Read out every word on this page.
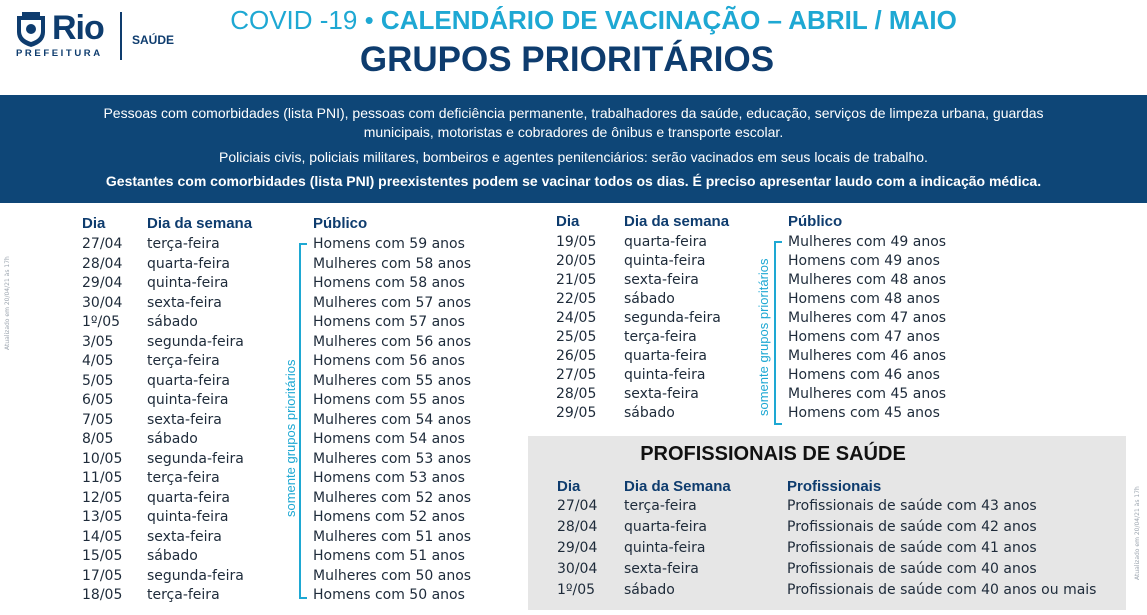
Rio
PREFEITURA
SAÚDE
COVID -19 • CALENDÁRIO DE VACINAÇÃO – ABRIL / MAIO
GRUPOS PRIORITÁRIOS

Pessoas com comorbidades (lista PNI), pessoas com deficiência permanente, trabalhadores da saúde, educação, serviços de limpeza urbana, guardas municipais, motoristas e cobradores de ônibus e transporte escolar.

Policiais civis, policiais militares, bombeiros e agentes penitenciários: serão vacinados em seus locais de trabalho.

Gestantes com comorbidades (lista PNI) preexistentes podem se vacinar todos os dias. É preciso apresentar laudo com a indicação médica.

Atualizado em 20/04/21 às 17h
Atualizado em 20/04/21 às 17h
Dia	Dia da semana	Público
27/04 terça-feira	Homens com 59 anos
28/04 quarta-feira	Mulheres com 58 anos
29/04 quinta-feira	Homens com 58 anos
30/04 sexta-feira	Mulheres com 57 anos
1º/05 sábado	Homens com 57 anos
3/05 segunda-feira	Mulheres com 56 anos
4/05 terça-feira	Homens com 56 anos
5/05 quarta-feira	Mulheres com 55 anos
6/05 quinta-feira	Homens com 55 anos
7/05 sexta-feira	Mulheres com 54 anos
8/05 sábado	Homens com 54 anos
10/05 segunda-feira	Mulheres com 53 anos
11/05 terça-feira	Homens com 53 anos
12/05 quarta-feira	Mulheres com 52 anos
13/05 quinta-feira	Homens com 52 anos
14/05 sexta-feira	Mulheres com 51 anos
15/05 sábado	Homens com 51 anos
17/05 segunda-feira	Mulheres com 50 anos
18/05 terça-feira	Homens com 50 anos
somente grupos prioritários
Dia	Dia da semana	Público
19/05 quarta-feira	Mulheres com 49 anos
20/05 quinta-feira	Homens com 49 anos
21/05 sexta-feira	Mulheres com 48 anos
22/05 sábado	Homens com 48 anos
24/05 segunda-feira	Mulheres com 47 anos
25/05 terça-feira	Homens com 47 anos
26/05 quarta-feira	Mulheres com 46 anos
27/05 quinta-feira	Homens com 46 anos
28/05 sexta-feira	Mulheres com 45 anos
29/05 sábado	Homens com 45 anos
somente grupos prioritários
PROFISSIONAIS DE SAÚDE
Dia	Dia da Semana	Profissionais
27/04 terça-feira	Profissionais de saúde com 43 anos
28/04 quarta-feira	Profissionais de saúde com 42 anos
29/04 quinta-feira	Profissionais de saúde com 41 anos
30/04 sexta-feira	Profissionais de saúde com 40 anos
1º/05 sábado	Profissionais de saúde com 40 anos ou mais
